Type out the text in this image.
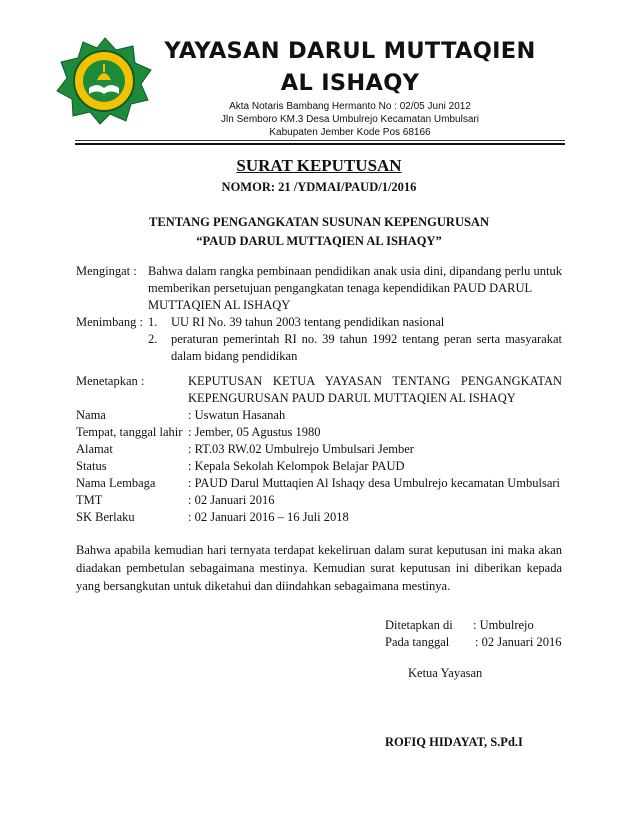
YAYASAN DARUL MUTTAQIEN
AL ISHAQY
Akta Notaris Bambang Hermanto No : 02/05 Juni 2012
Jln Semboro KM.3 Desa Umbulrejo Kecamatan Umbulsari
Kabupaten Jember Kode Pos 68166
SURAT KEPUTUSAN
NOMOR: 21 /YDMAI/PAUD/1/2016
TENTANG PENGANGKATAN SUSUNAN KEPENGURUSAN
“PAUD DARUL MUTTAQIEN AL ISHAQY”
Mengingat : Bahwa dalam rangka pembinaan pendidikan anak usia dini, dipandang perlu untuk
memberikan persetujuan pengangkatan tenaga kependidikan PAUD DARUL
MUTTAQIEN AL ISHAQY
Menimbang : 1. UU RI No. 39 tahun 2003 tentang pendidikan nasional
2. peraturan pemerintah RI no. 39 tahun 1992 tentang peran serta masyarakat
dalam bidang pendidikan
Menetapkan :	KEPUTUSAN KETUA YAYASAN TENTANG PENGANGKATAN
KEPENGURUSAN PAUD DARUL MUTTAQIEN AL ISHAQY
Nama	: Uswatun Hasanah
Tempat, tanggal lahir : Jember, 05 Agustus 1980
Alamat	: RT.03 RW.02 Umbulrejo Umbulsari Jember
Status	: Kepala Sekolah Kelompok Belajar PAUD
Nama Lembaga	: PAUD Darul Muttaqien Al Ishaqy desa Umbulrejo kecamatan Umbulsari
TMT	: 02 Januari 2016
SK Berlaku	: 02 Januari 2016 – 16 Juli 2018
Bahwa apabila kemudian hari ternyata terdapat kekeliruan dalam surat keputusan ini maka akan
diadakan pembetulan sebagaimana mestinya. Kemudian surat keputusan ini diberikan kepada
yang bersangkutan untuk diketahui dan diindahkan sebagaimana mestinya.
Ditetapkan di : Umbulrejo
Pada tanggal : 02 Januari 2016
Ketua Yayasan
ROFIQ HIDAYAT, S.Pd.I
